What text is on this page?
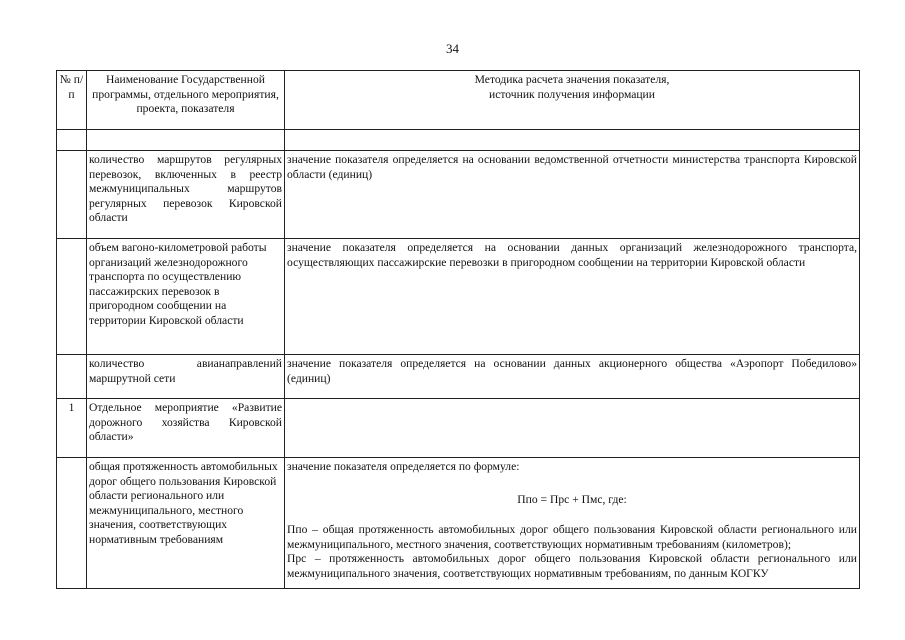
34
№ п/п	Наименование Государственной программы, отдельного мероприятия, проекта, показателя	Методика расчета значения показателя,
источник получения информации

	количество маршрутов регулярных перевозок, включенных в реестр межмуниципальных маршрутов регулярных перевозок Кировской области	значение показателя определяется на основании ведомственной отчетности министерства транспорта Кировской области (единиц)
	объем вагоно-километровой работы организаций железнодорожного транспорта по осуществлению пассажирских перевозок в пригородном сообщении на территории Кировской области	значение показателя определяется на основании данных организаций железнодорожного транспорта, осуществляющих пассажирские перевозки в пригородном сообщении на территории Кировской области
	количество авианаправлений маршрутной сети	значение показателя определяется на основании данных акционерного общества «Аэропорт Победилово» (единиц)
1	Отдельное мероприятие «Развитие дорожного хозяйства Кировской области»	
	общая протяженность автомобильных дорог общего пользования Кировской области регионального или межмуниципального, местного значения, соответствующих нормативным требованиям	значение показателя определяется по формуле:
Ппо = Прс + Пмс, где:
Ппо – общая протяженность автомобильных дорог общего пользования Кировской области регионального или межмуниципального, местного значения, соответствующих нормативным требованиям (километров);
Прс – протяженность автомобильных дорог общего пользования Кировской области регионального или межмуниципального значения, соответствующих нормативным требованиям, по данным КОГКУ
